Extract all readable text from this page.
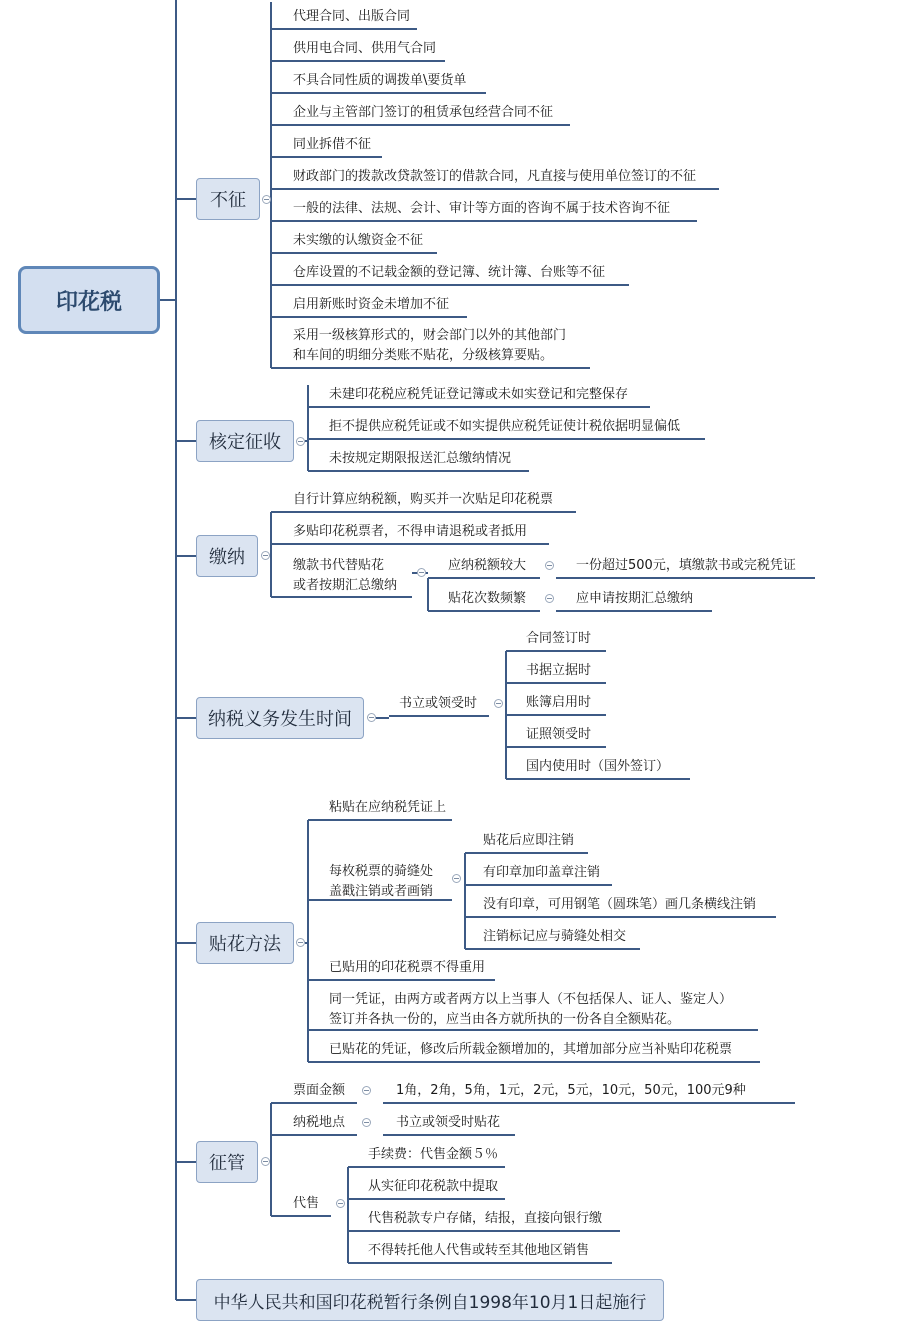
印花税
不征
代理合同、出版合同
供用电合同、供用气合同
不具合同性质的调拨单\要货单
企业与主管部门签订的租赁承包经营合同不征
同业拆借不征
财政部门的拨款改贷款签订的借款合同，凡直接与使用单位签订的不征
一般的法律、法规、会计、审计等方面的咨询不属于技术咨询不征
未实缴的认缴资金不征
仓库设置的不记载金额的登记簿、统计簿、台账等不征
启用新账时资金未增加不征
采用一级核算形式的，财会部门以外的其他部门
和车间的明细分类账不贴花，分级核算要贴。
核定征收
未建印花税应税凭证登记簿或未如实登记和完整保存
拒不提供应税凭证或不如实提供应税凭证使计税依据明显偏低
未按规定期限报送汇总缴纳情况
缴纳
自行计算应纳税额，购买并一次贴足印花税票
多贴印花税票者，不得申请退税或者抵用
缴款书代替贴花
或者按期汇总缴纳
应纳税额较大	一份超过500元，填缴款书或完税凭证
贴花次数频繁	应申请按期汇总缴纳
纳税义务发生时间
书立或领受时
合同签订时
书据立据时
账簿启用时
证照领受时
国内使用时（国外签订）
贴花方法
粘贴在应纳税凭证上
每枚税票的骑缝处
盖戳注销或者画销
贴花后应即注销
有印章加印盖章注销
没有印章，可用钢笔（圆珠笔）画几条横线注销
注销标记应与骑缝处相交
已贴用的印花税票不得重用
同一凭证，由两方或者两方以上当事人（不包括保人、证人、鉴定人）
签订并各执一份的，应当由各方就所执的一份各自全额贴花。
已贴花的凭证，修改后所载金额增加的，其增加部分应当补贴印花税票
征管
票面金额	1角，2角，5角，1元，2元，5元，10元，50元，100元9种
纳税地点	书立或领受时贴花
代售
手续费：代售金额５％
从实征印花税款中提取
代售税款专户存储，结报，直接向银行缴
不得转托他人代售或转至其他地区销售
中华人民共和国印花税暂行条例自1998年10月1日起施行
